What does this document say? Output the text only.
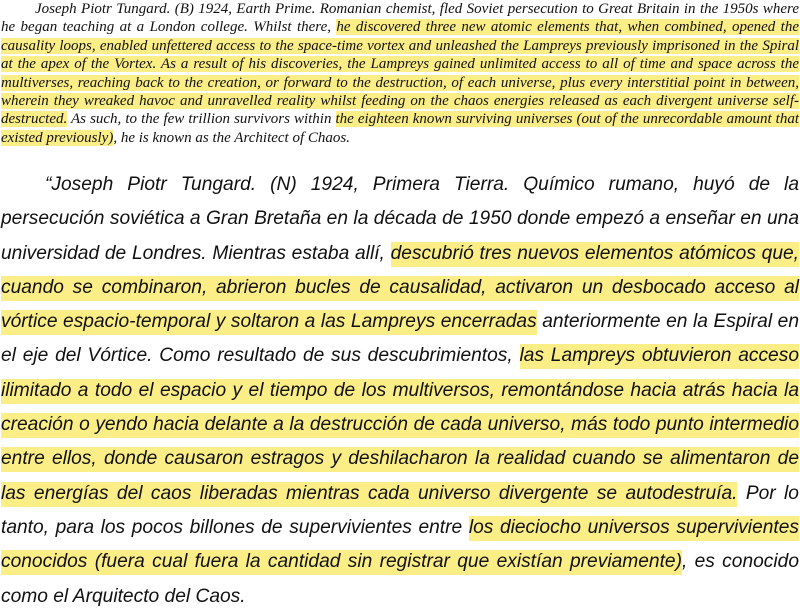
Joseph Piotr Tungard. (B) 1924, Earth Prime. Romanian chemist, fled Soviet persecution to Great Britain in the 1950s where he began teaching at a London college. Whilst there, he discovered three new atomic elements that, when combined, opened the causality loops, enabled unfettered access to the space-time vortex and unleashed the Lampreys previously imprisoned in the Spiral at the apex of the Vortex. As a result of his discoveries, the Lampreys gained unlimited access to all of time and space across the multiverses, reaching back to the creation, or forward to the destruction, of each universe, plus every interstitial point in between, wherein they wreaked havoc and unravelled reality whilst feeding on the chaos energies released as each divergent universe self-destructed. As such, to the few trillion survivors within the eighteen known surviving universes (out of the unrecordable amount that existed previously), he is known as the Architect of Chaos.

“Joseph Piotr Tungard. (N) 1924, Primera Tierra. Químico rumano, huyó de la persecución soviética a Gran Bretaña en la década de 1950 donde empezó a enseñar en una universidad de Londres. Mientras estaba allí, descubrió tres nuevos elementos atómicos que, cuando se combinaron, abrieron bucles de causalidad, activaron un desbocado acceso al vórtice espacio-temporal y soltaron a las Lampreys encerradas anteriormente en la Espiral en el eje del Vórtice. Como resultado de sus descubrimientos, las Lampreys obtuvieron acceso ilimitado a todo el espacio y el tiempo de los multiversos, remontándose hacia atrás hacia la creación o yendo hacia delante a la destrucción de cada universo, más todo punto intermedio entre ellos, donde causaron estragos y deshilacharon la realidad cuando se alimentaron de las energías del caos liberadas mientras cada universo divergente se autodestruía. Por lo tanto, para los pocos billones de supervivientes entre los dieciocho universos supervivientes conocidos (fuera cual fuera la cantidad sin registrar que existían previamente), es conocido como el Arquitecto del Caos.
